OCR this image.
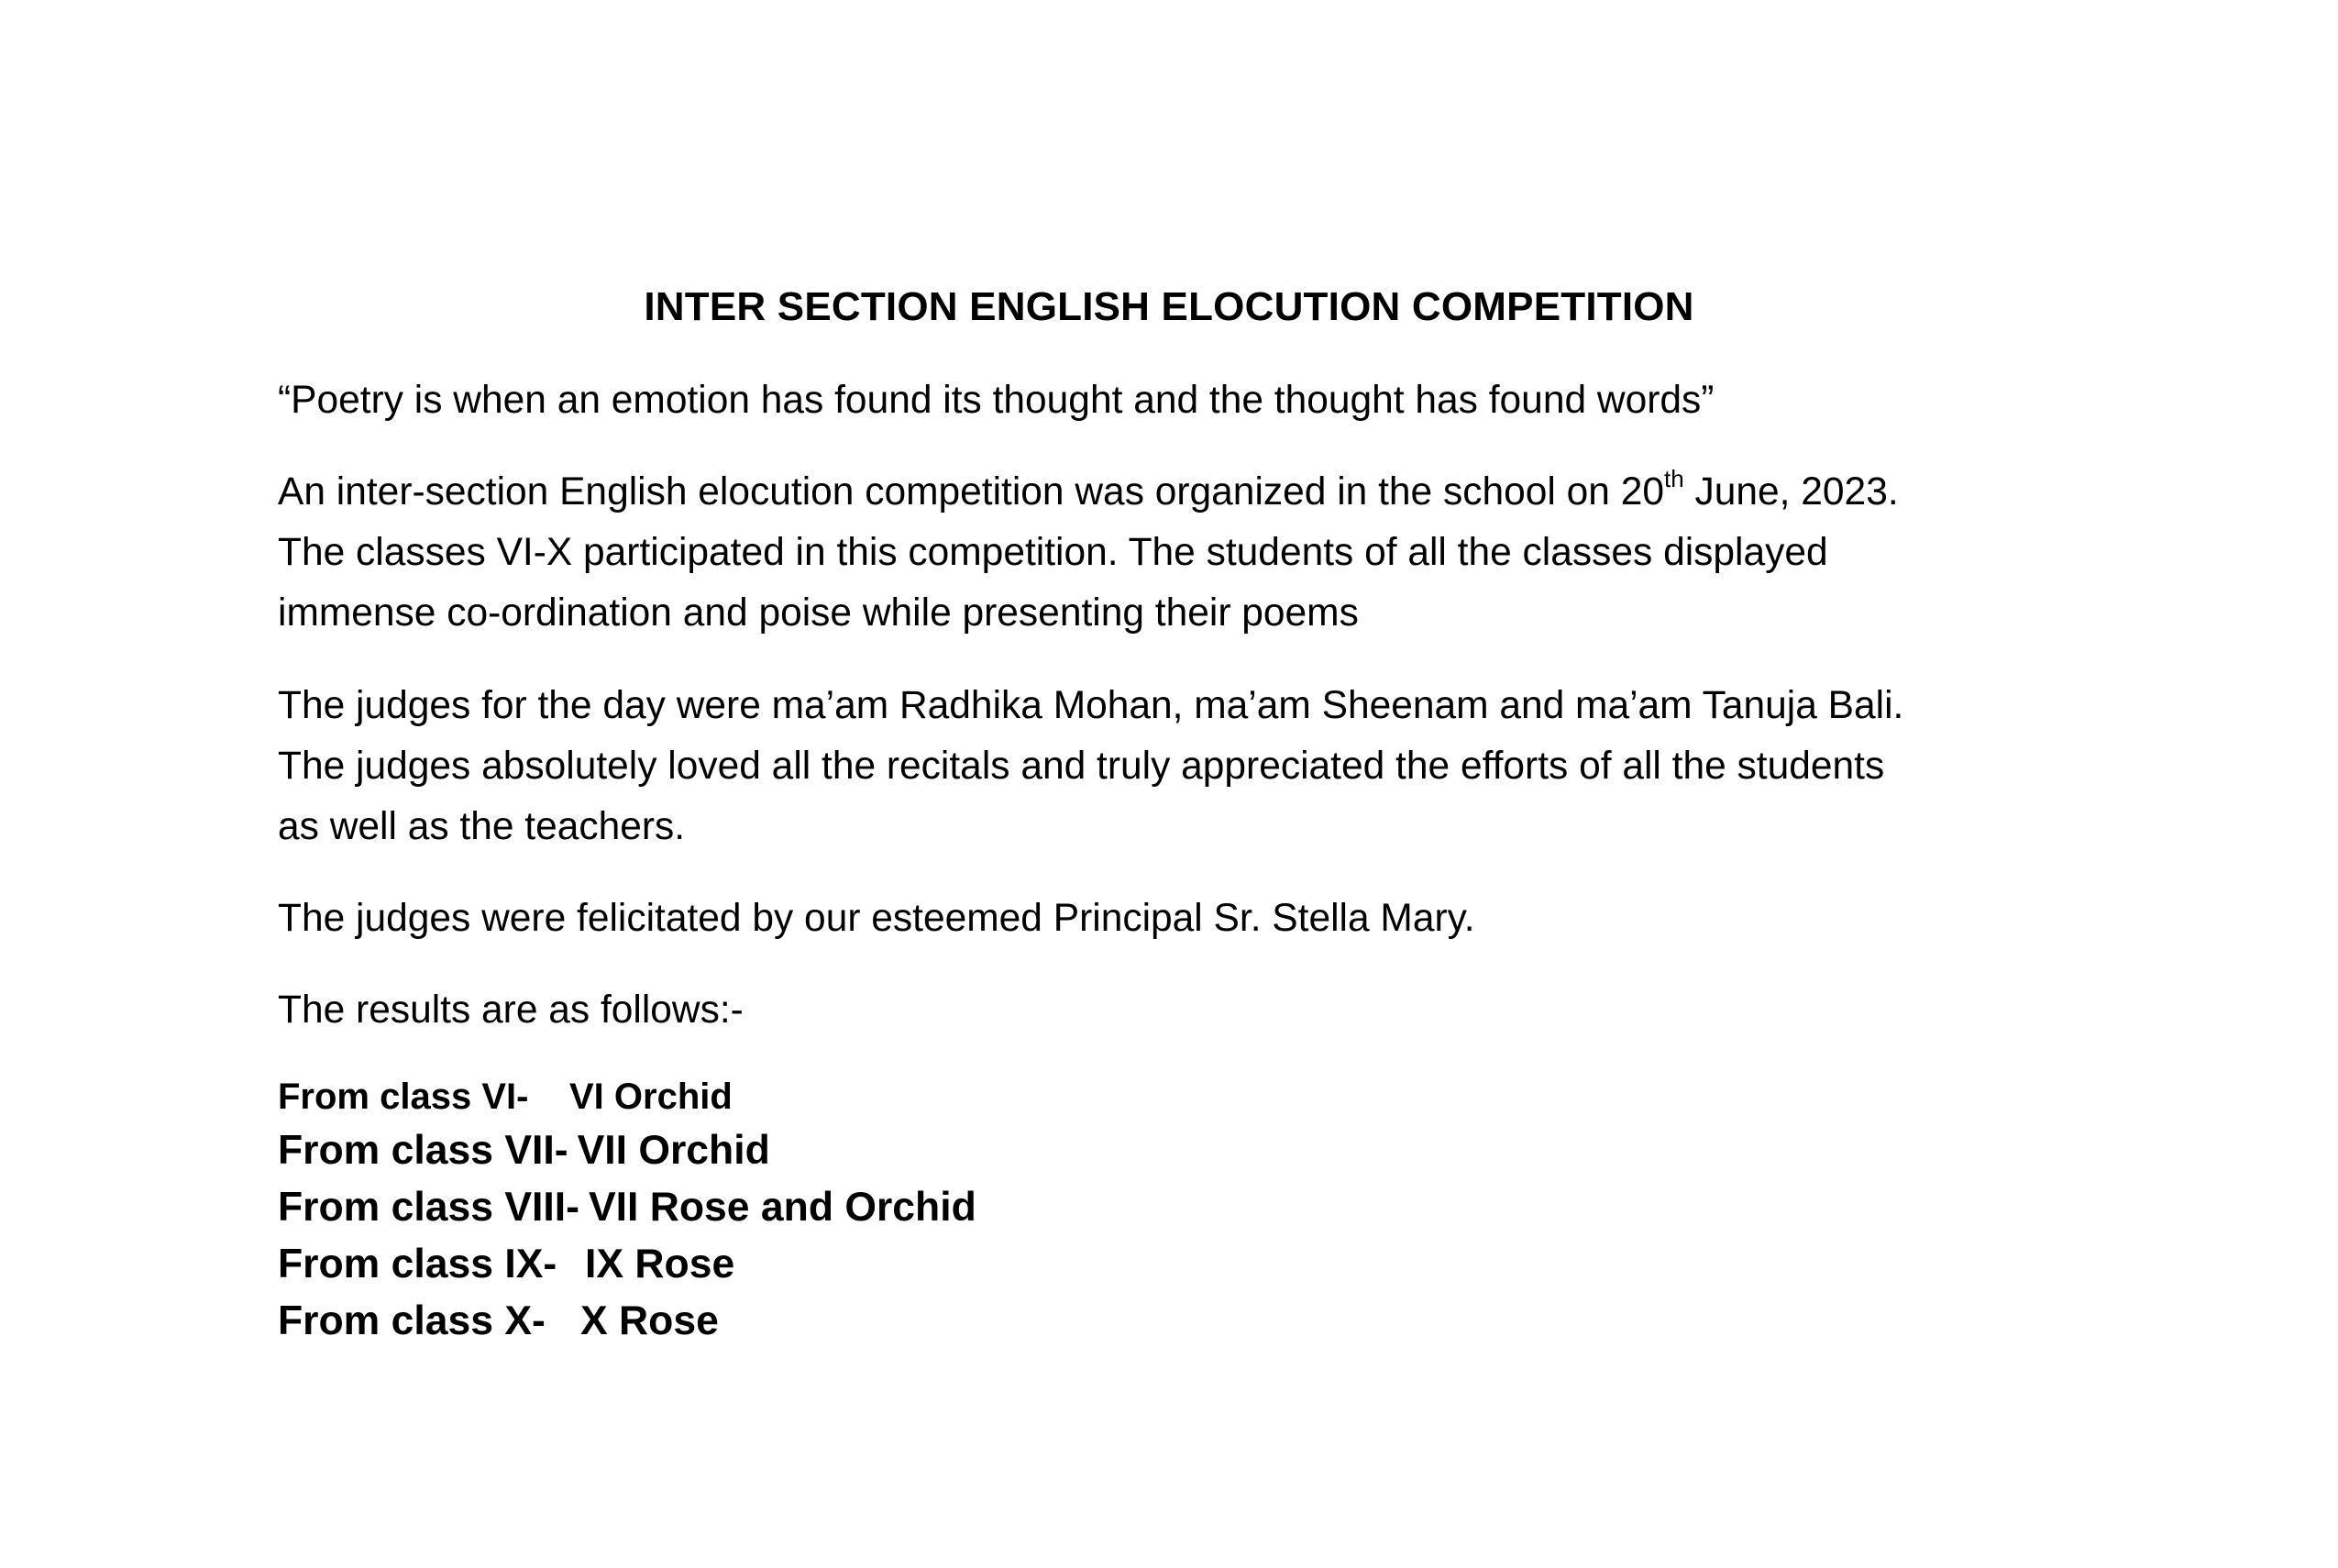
INTER SECTION ENGLISH ELOCUTION COMPETITION

“Poetry is when an emotion has found its thought and the thought has found words”

An inter-section English elocution competition was organized in the school on 20th June, 2023.
The classes VI-X participated in this competition. The students of all the classes displayed
immense co-ordination and poise while presenting their poems

The judges for the day were ma’am Radhika Mohan, ma’am Sheenam and ma’am Tanuja Bali.
The judges absolutely loved all the recitals and truly appreciated the efforts of all the students
as well as the teachers.

The judges were felicitated by our esteemed Principal Sr. Stella Mary.

The results are as follows:-

From class VI- VI Orchid
From class VII- VII Orchid
From class VIII- VII Rose and Orchid
From class IX- IX Rose
From class X- X Rose
